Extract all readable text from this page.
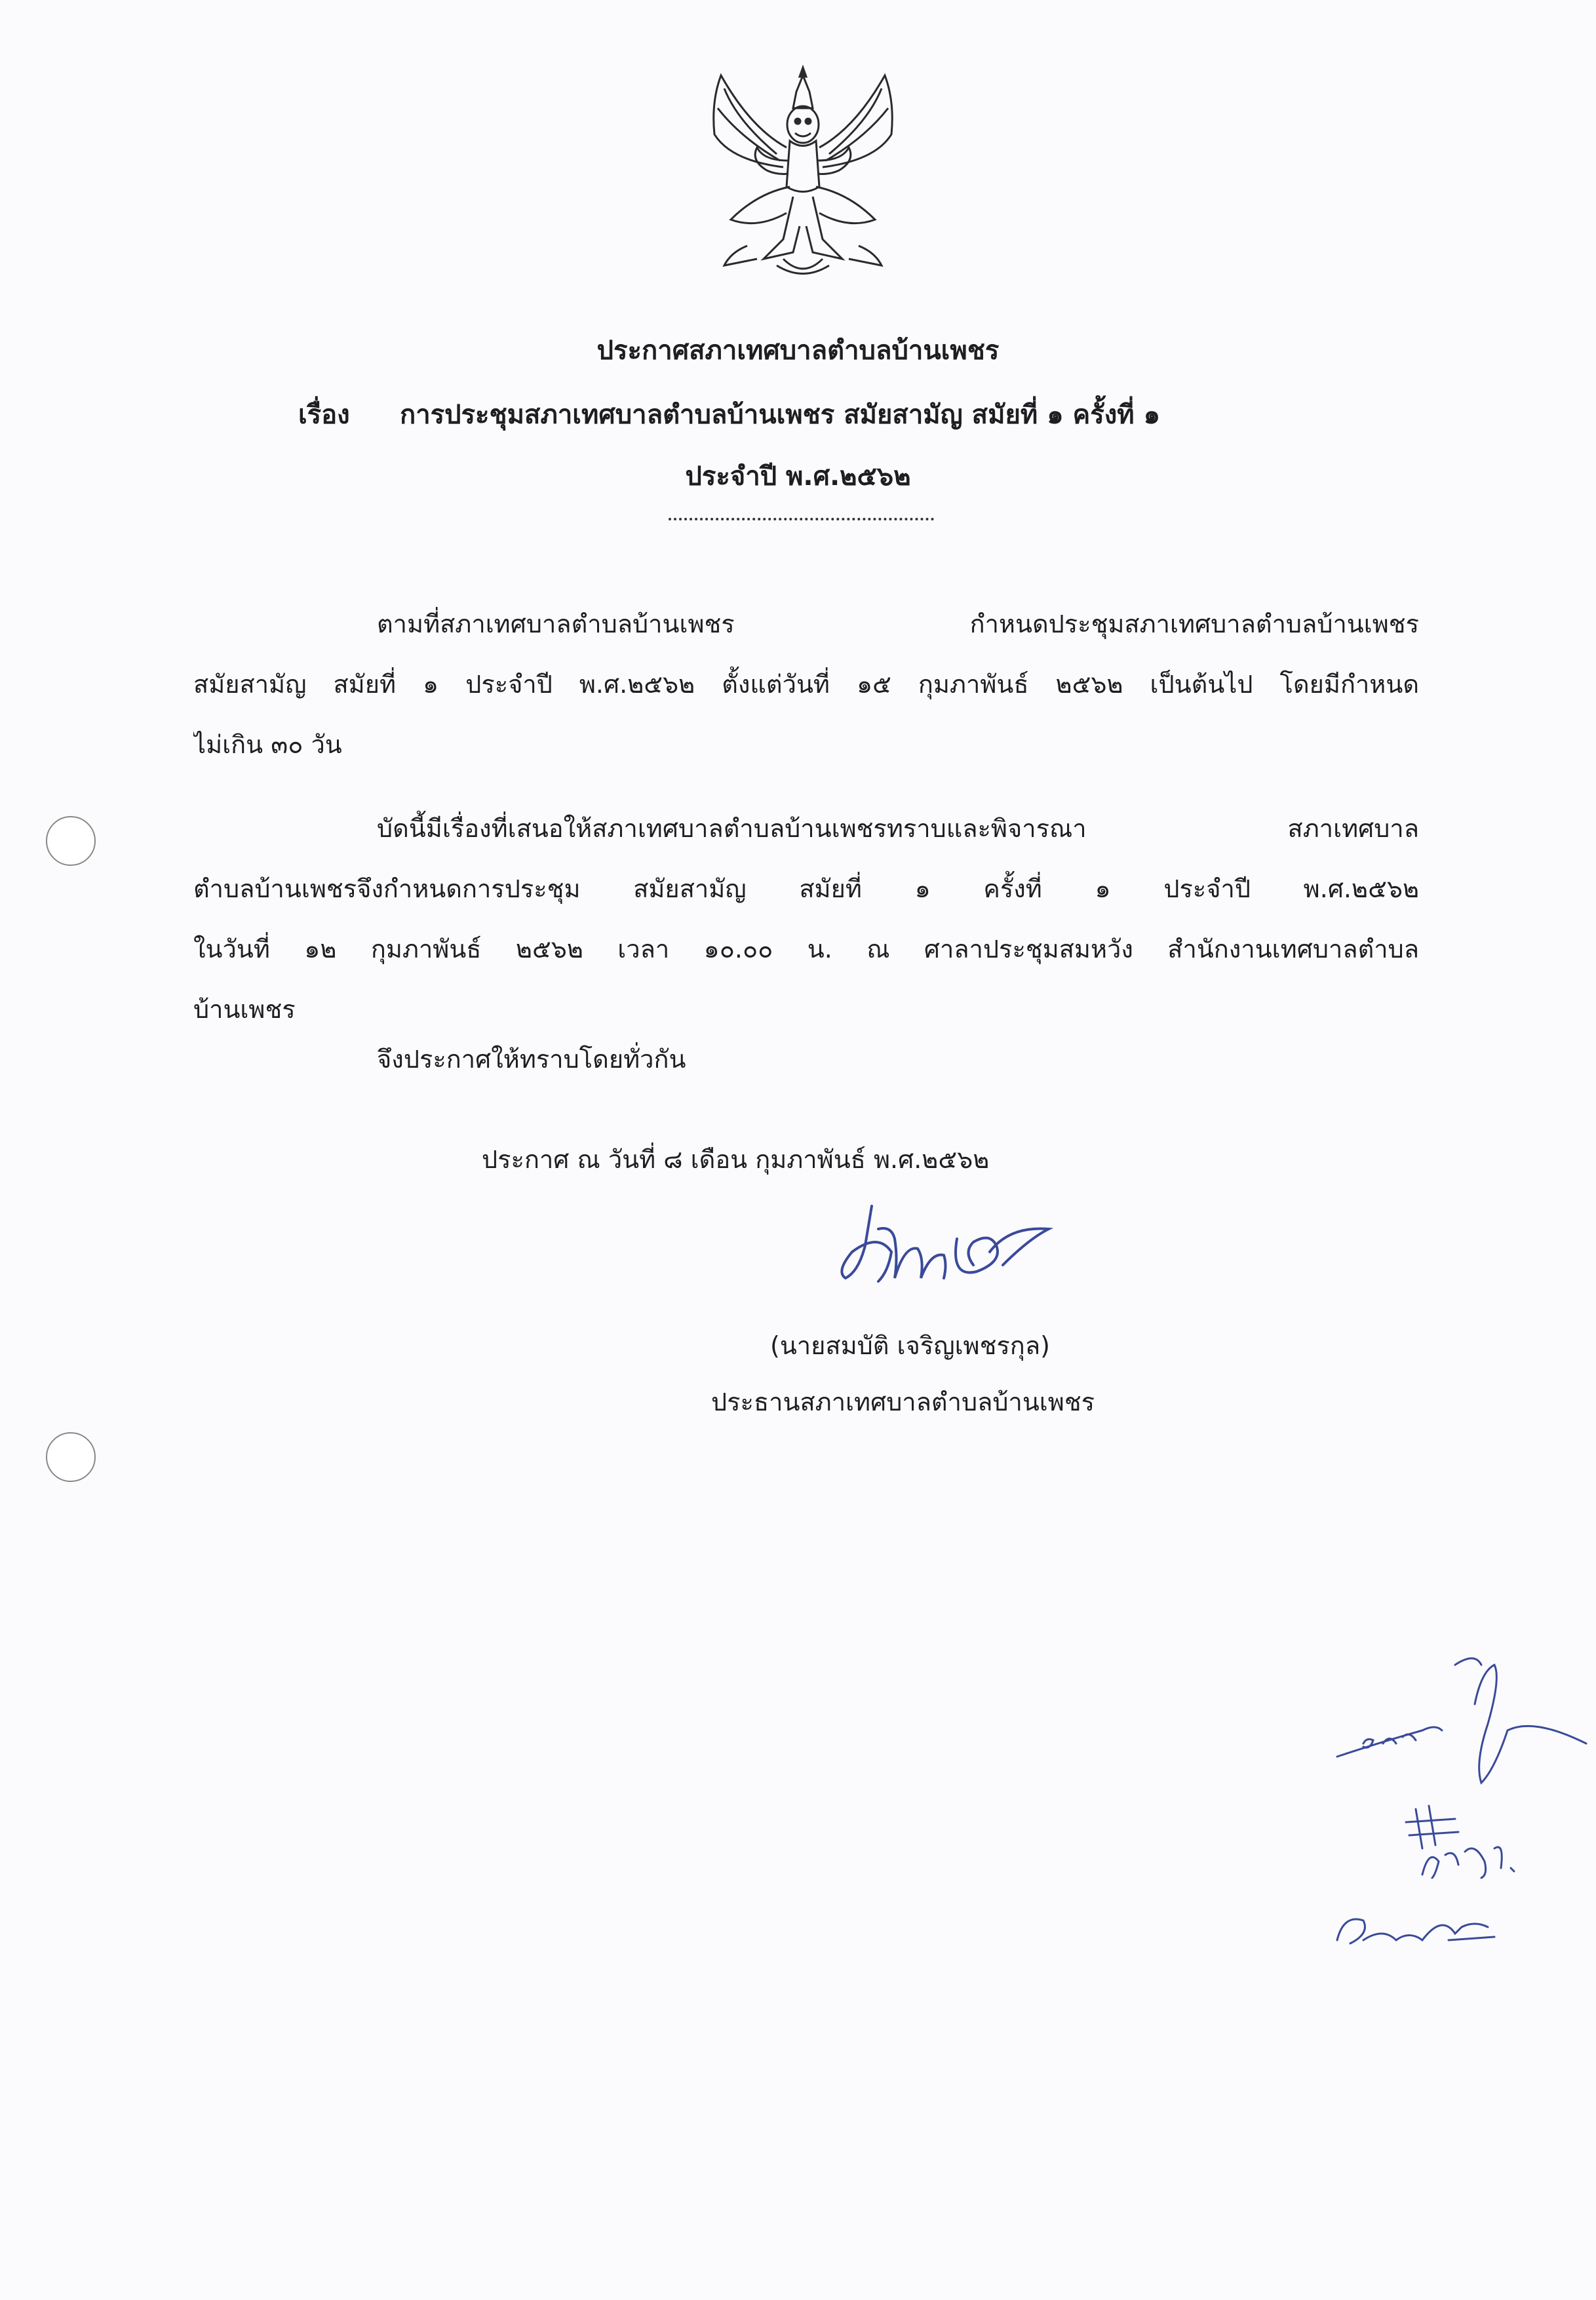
ประกาศสภาเทศบาลตำบลบ้านเพชร
เรื่อง การประชุมสภาเทศบาลตำบลบ้านเพชร สมัยสามัญ สมัยที่ ๑ ครั้งที่ ๑
ประจำปี พ.ศ.๒๕๖๒
ตามที่สภาเทศบาลตำบลบ้านเพชร กำหนดประชุมสภาเทศบาลตำบลบ้านเพชร
สมัยสามัญ สมัยที่ ๑ ประจำปี พ.ศ.๒๕๖๒ ตั้งแต่วันที่ ๑๕ กุมภาพันธ์ ๒๕๖๒ เป็นต้นไป โดยมีกำหนด
ไม่เกิน ๓๐ วัน
บัดนี้มีเรื่องที่เสนอให้สภาเทศบาลตำบลบ้านเพชรทราบและพิจารณา สภาเทศบาล
ตำบลบ้านเพชรจึงกำหนดการประชุม สมัยสามัญ สมัยที่ ๑ ครั้งที่ ๑ ประจำปี พ.ศ.๒๕๖๒
ในวันที่ ๑๒ กุมภาพันธ์ ๒๕๖๒ เวลา ๑๐.๐๐ น. ณ ศาลาประชุมสมหวัง สำนักงานเทศบาลตำบล
บ้านเพชร
จึงประกาศให้ทราบโดยทั่วกัน
ประกาศ ณ วันที่ ๘ เดือน กุมภาพันธ์ พ.ศ.๒๕๖๒
(นายสมบัติ เจริญเพชรกุล)
ประธานสภาเทศบาลตำบลบ้านเพชร
